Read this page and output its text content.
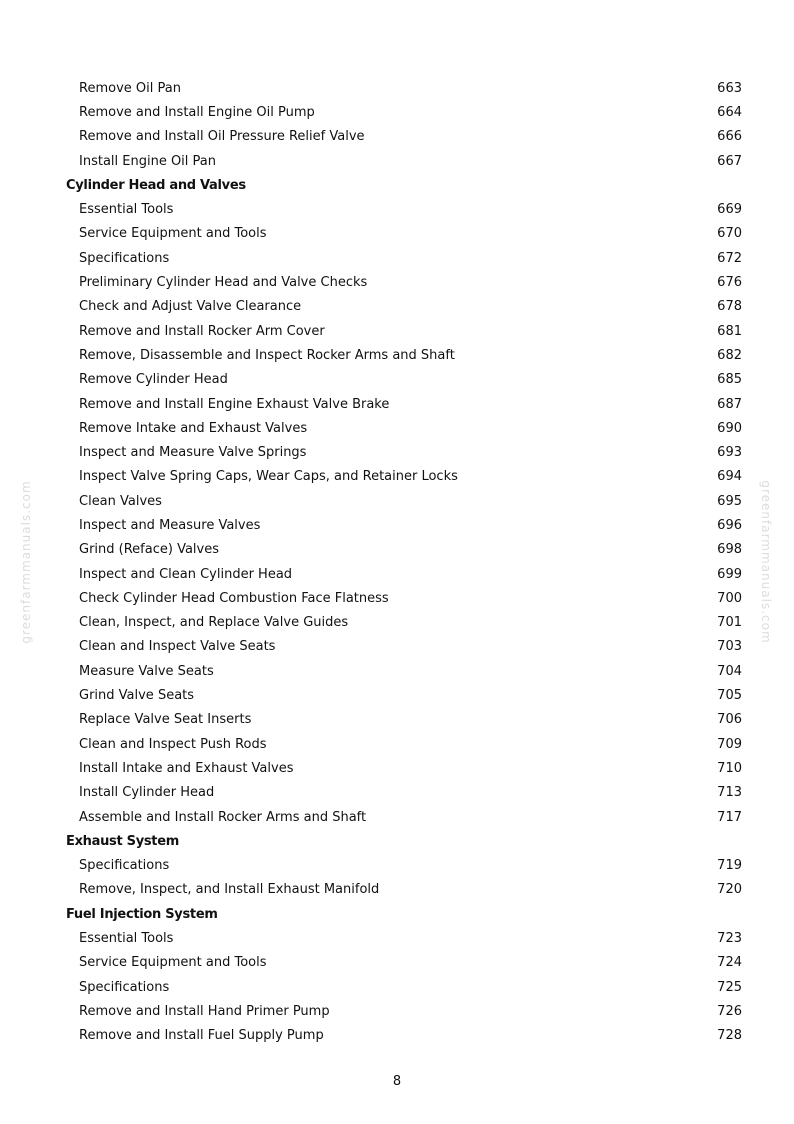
greenfarmmanuals.com	greenfarmmanuals.com
Remove Oil Pan	663
Remove and Install Engine Oil Pump	664
Remove and Install Oil Pressure Relief Valve	666
Install Engine Oil Pan	667
Cylinder Head and Valves
Essential Tools	669
Service Equipment and Tools	670
Specifications	672
Preliminary Cylinder Head and Valve Checks	676
Check and Adjust Valve Clearance	678
Remove and Install Rocker Arm Cover	681
Remove, Disassemble and Inspect Rocker Arms and Shaft	682
Remove Cylinder Head	685
Remove and Install Engine Exhaust Valve Brake	687
Remove Intake and Exhaust Valves	690
Inspect and Measure Valve Springs	693
Inspect Valve Spring Caps, Wear Caps, and Retainer Locks	694
Clean Valves	695
Inspect and Measure Valves	696
Grind (Reface) Valves	698
Inspect and Clean Cylinder Head	699
Check Cylinder Head Combustion Face Flatness	700
Clean, Inspect, and Replace Valve Guides	701
Clean and Inspect Valve Seats	703
Measure Valve Seats	704
Grind Valve Seats	705
Replace Valve Seat Inserts	706
Clean and Inspect Push Rods	709
Install Intake and Exhaust Valves	710
Install Cylinder Head	713
Assemble and Install Rocker Arms and Shaft	717
Exhaust System
Specifications	719
Remove, Inspect, and Install Exhaust Manifold	720
Fuel Injection System
Essential Tools	723
Service Equipment and Tools	724
Specifications	725
Remove and Install Hand Primer Pump	726
Remove and Install Fuel Supply Pump	728
8
